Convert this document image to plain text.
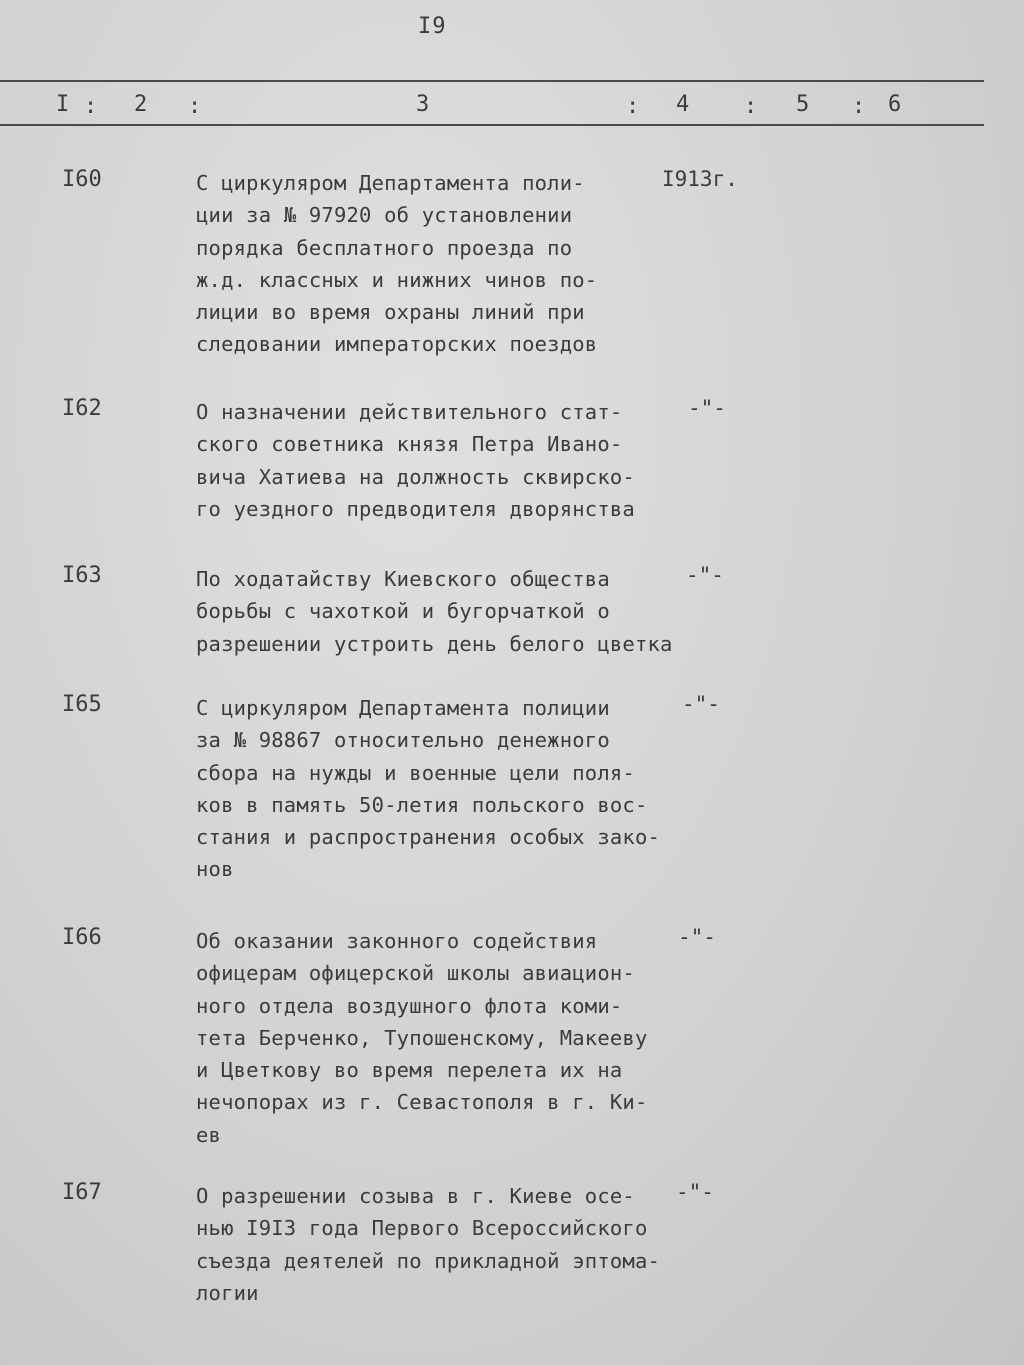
I9
I : 2 :	3	: 4 : 5 : 6
I60	С циркуляром Департамента поли-
ции за № 97920 об установлении
порядка бесплатного проезда по
ж.д. классных и нижних чинов по-
лиции во время охраны линий при
следовании императорских поездов
I913г.
I62	О назначении действительного стат-
ского советника князя Петра Ивано-
вича Хатиева на должность сквирско-
го уездного предводителя дворянства
-"-
I63	По ходатайству Киевского общества
борьбы с чахоткой и бугорчаткой о
разрешении устроить день белого цветка
-"-
I65	С циркуляром Департамента полиции
за № 98867 относительно денежного
сбора на нужды и военные цели поля-
ков в память 50-летия польского вос-
стания и распространения особых зако-
нов
-"-
I66	Об оказании законного содействия
офицерам офицерской школы авиацион-
ного отдела воздушного флота коми-
тета Берченко, Тупошенскому, Макееву
и Цветкову во время перелета их на
нечопорах из г. Севастополя в г. Ки-
ев
-"-
I67	О разрешении созыва в г. Киеве осе-
нью I9I3 года Первого Всероссийского
съезда деятелей по прикладной эптома-
логии
-"-
